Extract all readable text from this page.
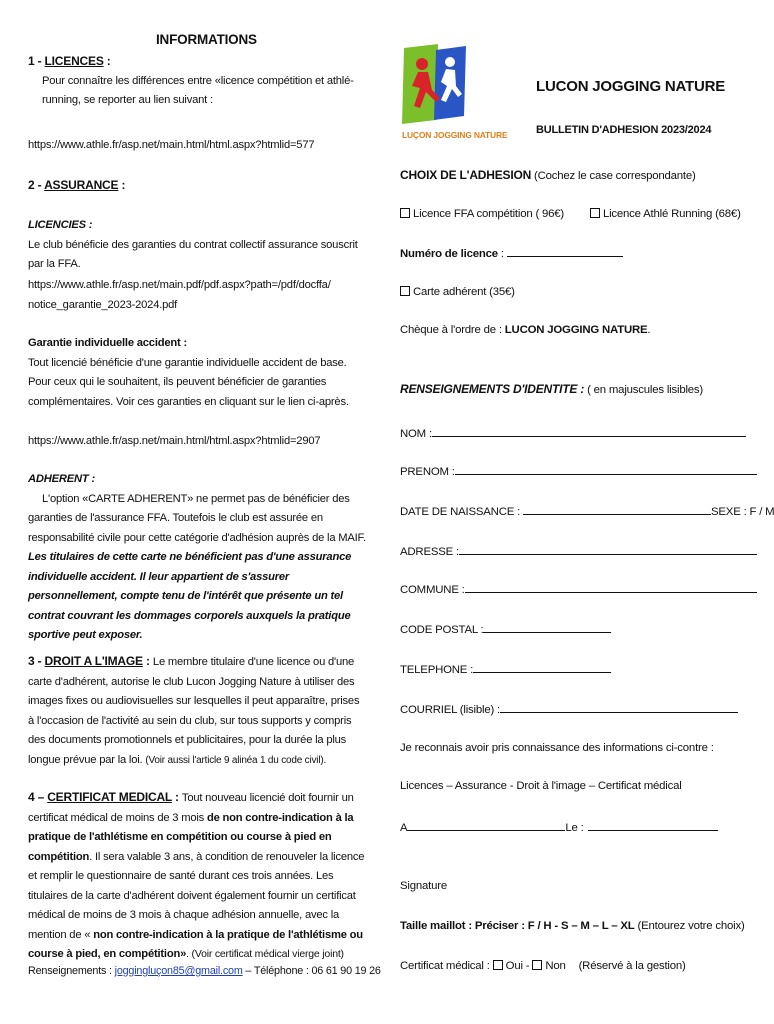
INFORMATIONS
1 - LICENCES :
Pour connaître les différences entre «licence compétition et athlé-running, se reporter au lien suivant :
https://www.athle.fr/asp.net/main.html/html.aspx?htmlid=577
2 - ASSURANCE :
LICENCIES :
Le club bénéficie des garanties du contrat collectif assurance souscrit par la FFA.
https://www.athle.fr/asp.net/main.pdf/pdf.aspx?path=/pdf/docffa/
notice_garantie_2023-2024.pdf
Garantie individuelle accident :
Tout licencié bénéficie d'une garantie individuelle accident de base. Pour ceux qui le souhaitent, ils peuvent bénéficier de garanties complémentaires. Voir ces garanties en cliquant sur le lien ci-après.
https://www.athle.fr/asp.net/main.html/html.aspx?htmlid=2907
ADHERENT :
L'option «CARTE ADHERENT» ne permet pas de bénéficier des garanties de l'assurance FFA. Toutefois le club est assurée en responsabilité civile pour cette catégorie d'adhésion auprès de la MAIF. Les titulaires de cette carte ne bénéficient pas d'une assurance individuelle accident. Il leur appartient de s'assurer personnellement, compte tenu de l'intérêt que présente un tel contrat couvrant les dommages corporels auxquels la pratique sportive peut exposer.
3 - DROIT A L'IMAGE : Le membre titulaire d'une licence ou d'une carte d'adhérent, autorise le club Lucon Jogging Nature à utiliser des images fixes ou audiovisuelles sur lesquelles il peut apparaître, prises à l'occasion de l'activité au sein du club, sur tous supports y compris des documents promotionnels et publicitaires, pour la durée la plus longue prévue par la loi. (Voir aussi l'article 9 alinéa 1 du code civil).
4 – CERTIFICAT MEDICAL : Tout nouveau licencié doit fournir un certificat médical de moins de 3 mois de non contre-indication à la pratique de l'athlétisme en compétition ou course à pied en compétition. Il sera valable 3 ans, à condition de renouveler la licence et remplir le questionnaire de santé durant ces trois années. Les titulaires de la carte d'adhérent doivent également fournir un certificat médical de moins de 3 mois à chaque adhésion annuelle, avec la mention de « non contre-indication à la pratique de l'athlétisme ou course à pied, en compétition». (Voir certificat médical vierge joint)
Renseignements : joggingluçon85@gmail.com – Téléphone : 06 61 90 19 26
LUÇON JOGGING NATURE
LUCON JOGGING NATURE
BULLETIN D'ADHESION 2023/2024
CHOIX DE L'ADHESION (Cochez le case correspondante)
Licence FFA compétition ( 96€)	Licence Athlé Running (68€)
Numéro de licence :
Carte adhérent (35€)
Chèque à l'ordre de : LUCON JOGGING NATURE.
RENSEIGNEMENTS D'IDENTITE : ( en majuscules lisibles)
NOM :
PRENOM :
DATE DE NAISSANCE :	SEXE : F / M
ADRESSE :
COMMUNE :
CODE POSTAL :
TELEPHONE :
COURRIEL (lisible) :
Je reconnais avoir pris connaissance des informations ci-contre :
Licences – Assurance - Droit à l'image – Certificat médical
A	Le :
Signature
Taille maillot : Préciser : F / H - S – M – L – XL (Entourez votre choix)
Certificat médical : Oui - Non (Réservé à la gestion)
